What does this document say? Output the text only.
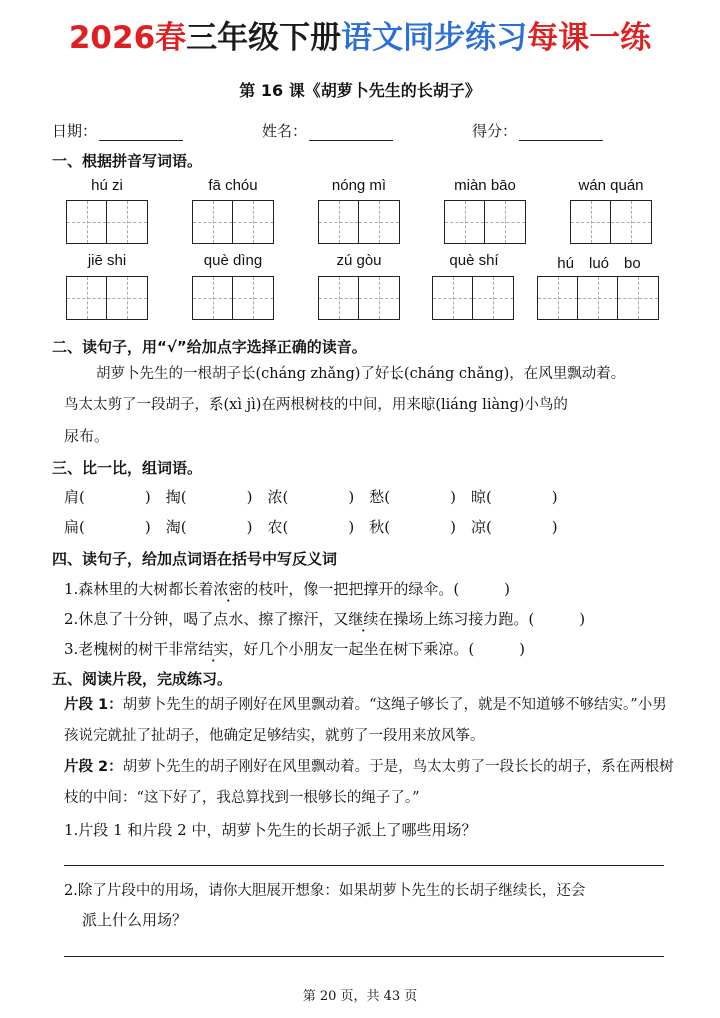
2026春三年级下册语文同步练习每课一练
第 16 课《胡萝卜先生的长胡子》
日期：	姓名：	得分：
一、根据拼音写词语。
hú zi	fā chóu	nóng mì	miàn bāo	wán quán
jiē shi	què dìng	zú gòu	què shí	hú　luó　bo
二、读句子，用“√”给加点字选择正确的读音。
胡萝卜先生的一根胡子长(cháng zhǎng)了好长(cháng chǎng)，在风里飘动着。
鸟太太剪了一段胡子，系(xì jì)在两根树枝的中间，用来晾(liáng liàng)小鸟的
尿布。
三、比一比，组词语。
肩(　　　　)　掏(　　　　)　浓(　　　　)　愁(　　　　)　晾(　　　　)
扁(　　　　)　淘(　　　　)　农(　　　　)　秋(　　　　)　凉(　　　　)
四、读句子，给加点词语在括号中写反义词
1.森林里的大树都长着浓密的枝叶，像一把把撑开的绿伞。(　　　)
2.休息了十分钟，喝了点水、擦了擦汗，又继续在操场上练习接力跑。(　　　)
3.老槐树的树干非常结实，好几个小朋友一起坐在树下乘凉。(　　　)
五、阅读片段，完成练习。
片段 1：胡萝卜先生的胡子刚好在风里飘动着。“这绳子够长了，就是不知道够不够结实。”小男孩说完就扯了扯胡子，他确定足够结实，就剪了一段用来放风筝。
片段 2：胡萝卜先生的胡子刚好在风里飘动着。于是，鸟太太剪了一段长长的胡子，系在两根树枝的中间：“这下好了，我总算找到一根够长的绳子了。”
1.片段 1 和片段 2 中，胡萝卜先生的长胡子派上了哪些用场？
2.除了片段中的用场，请你大胆展开想象：如果胡萝卜先生的长胡子继续长，还会
派上什么用场？
第 20 页，共 43 页
